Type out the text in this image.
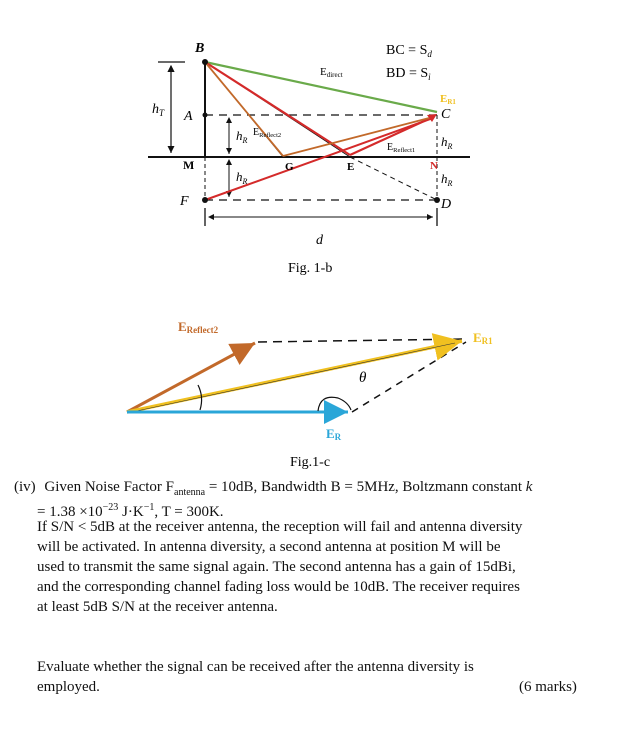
B
A
M
F
G	E
C
N
D
d
$h_T$
$h_R$
$h_R$
$h_R$
$h_R$
Edirect
$E_{Reflect2}$
$E_{Reflect1}$
ER1
BC = $S_d$
BD = $S_i$
Fig. 1-b
θ
EReflect2	ER1
ER
Fig.1-c
(iv) Given Noise Factor $F_{antenna} = 10dB$, Bandwidth B = 5MHz, Boltzmann constant k
= $1.38 \times 10^{-23}$ $J\cdot K^{-1}$, T = 300K.
If S/N < 5dB at the receiver antenna, the reception will fail and antenna diversity
will be activated. In antenna diversity, a second antenna at position M will be
used to transmit the same signal again. The second antenna has a gain of 15dBi,
and the corresponding channel fading loss would be 10dB. The receiver requires
at least 5dB S/N at the receiver antenna.
Evaluate whether the signal can be received after the antenna diversity is
employed.	(6 marks)
